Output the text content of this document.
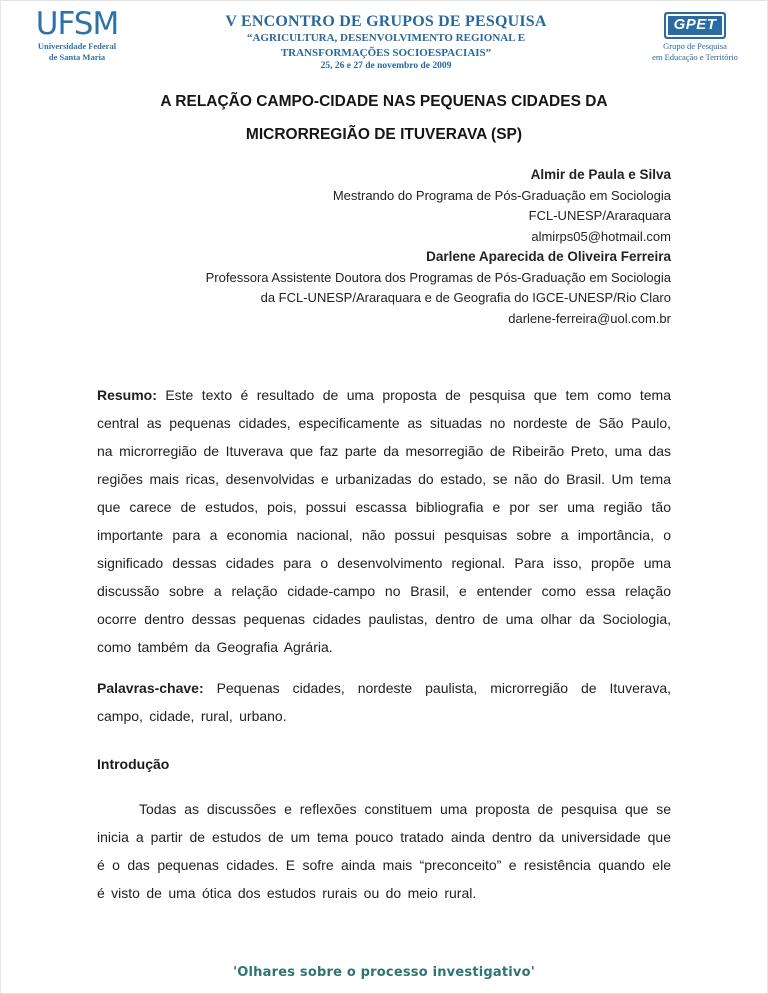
UFSM
Universidade Federal
de Santa Maria
V ENCONTRO DE GRUPOS DE PESQUISA
“AGRICULTURA, DESENVOLVIMENTO REGIONAL E
TRANSFORMAÇÕES SOCIOESPACIAIS”
25, 26 e 27 de novembro de 2009
GPET
Grupo de Pesquisa
em Educação e Território
A RELAÇÃO CAMPO-CIDADE NAS PEQUENAS CIDADES DA
MICRORREGIÃO DE ITUVERAVA (SP)
Almir de Paula e Silva
Mestrando do Programa de Pós-Graduação em Sociologia
FCL-UNESP/Araraquara
almirps05@hotmail.com
Darlene Aparecida de Oliveira Ferreira
Professora Assistente Doutora dos Programas de Pós-Graduação em Sociologia
da FCL-UNESP/Araraquara e de Geografia do IGCE-UNESP/Rio Claro
darlene-ferreira@uol.com.br

Resumo: Este texto é resultado de uma proposta de pesquisa que tem como tema central as pequenas cidades, especificamente as situadas no nordeste de São Paulo, na microrregião de Ituverava que faz parte da mesorregião de Ribeirão Preto, uma das regiões mais ricas, desenvolvidas e urbanizadas do estado, se não do Brasil. Um tema que carece de estudos, pois, possui escassa bibliografia e por ser uma região tão importante para a economia nacional, não possui pesquisas sobre a importância, o significado dessas cidades para o desenvolvimento regional. Para isso, propõe uma discussão sobre a relação cidade-campo no Brasil, e entender como essa relação ocorre dentro dessas pequenas cidades paulistas, dentro de uma olhar da Sociologia, como também da Geografia Agrária.

Palavras-chave: Pequenas cidades, nordeste paulista, microrregião de Ituverava, campo, cidade, rural, urbano.

Introdução

Todas as discussões e reflexões constituem uma proposta de pesquisa que se inicia a partir de estudos de um tema pouco tratado ainda dentro da universidade que é o das pequenas cidades. E sofre ainda mais “preconceito” e resistência quando ele é visto de uma ótica dos estudos rurais ou do meio rural.

'Olhares sobre o processo investigativo'
